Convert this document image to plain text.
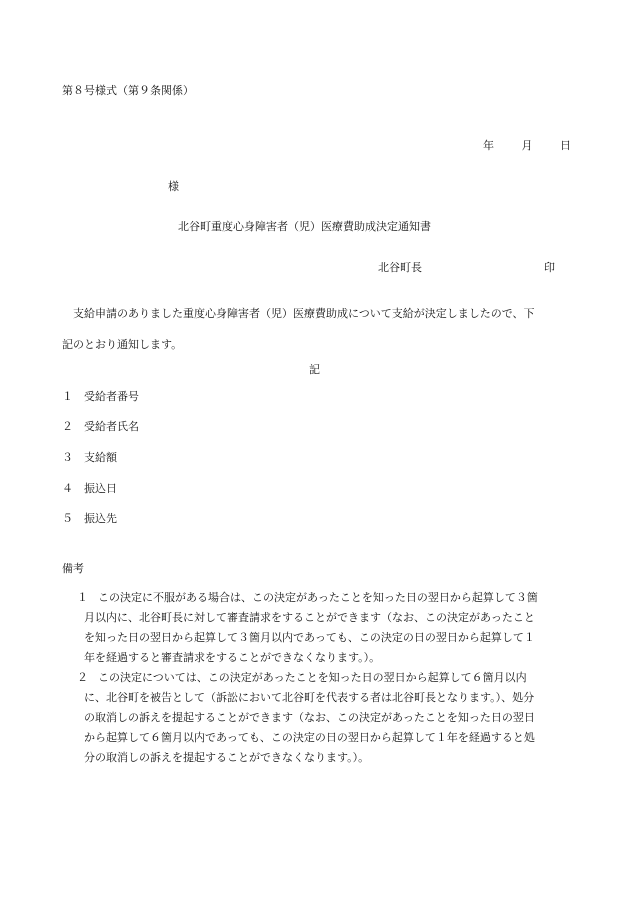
第８号様式（第９条関係）
年	月	日
様
北谷町重度心身障害者（児）医療費助成決定通知書
北谷町長	印
支給申請のありました重度心身障害者（児）医療費助成について支給が決定しましたので、下
記のとおり通知します。
記
１ 受給者番号
２ 受給者氏名
３ 支給額
４ 振込日
５ 振込先
備考
１ この決定に不服がある場合は、この決定があったことを知った日の翌日から起算して３箇

月以内に、北谷町長に対して審査請求をすることができます（なお、この決定があったこと

を知った日の翌日から起算して３箇月以内であっても、この決定の日の翌日から起算して１

年を経過すると審査請求をすることができなくなります。）。

２ この決定については、この決定があったことを知った日の翌日から起算して６箇月以内

に、北谷町を被告として（訴訟において北谷町を代表する者は北谷町長となります。）、処分

の取消しの訴えを提起することができます（なお、この決定があったことを知った日の翌日

から起算して６箇月以内であっても、この決定の日の翌日から起算して１年を経過すると処

分の取消しの訴えを提起することができなくなります。）。
